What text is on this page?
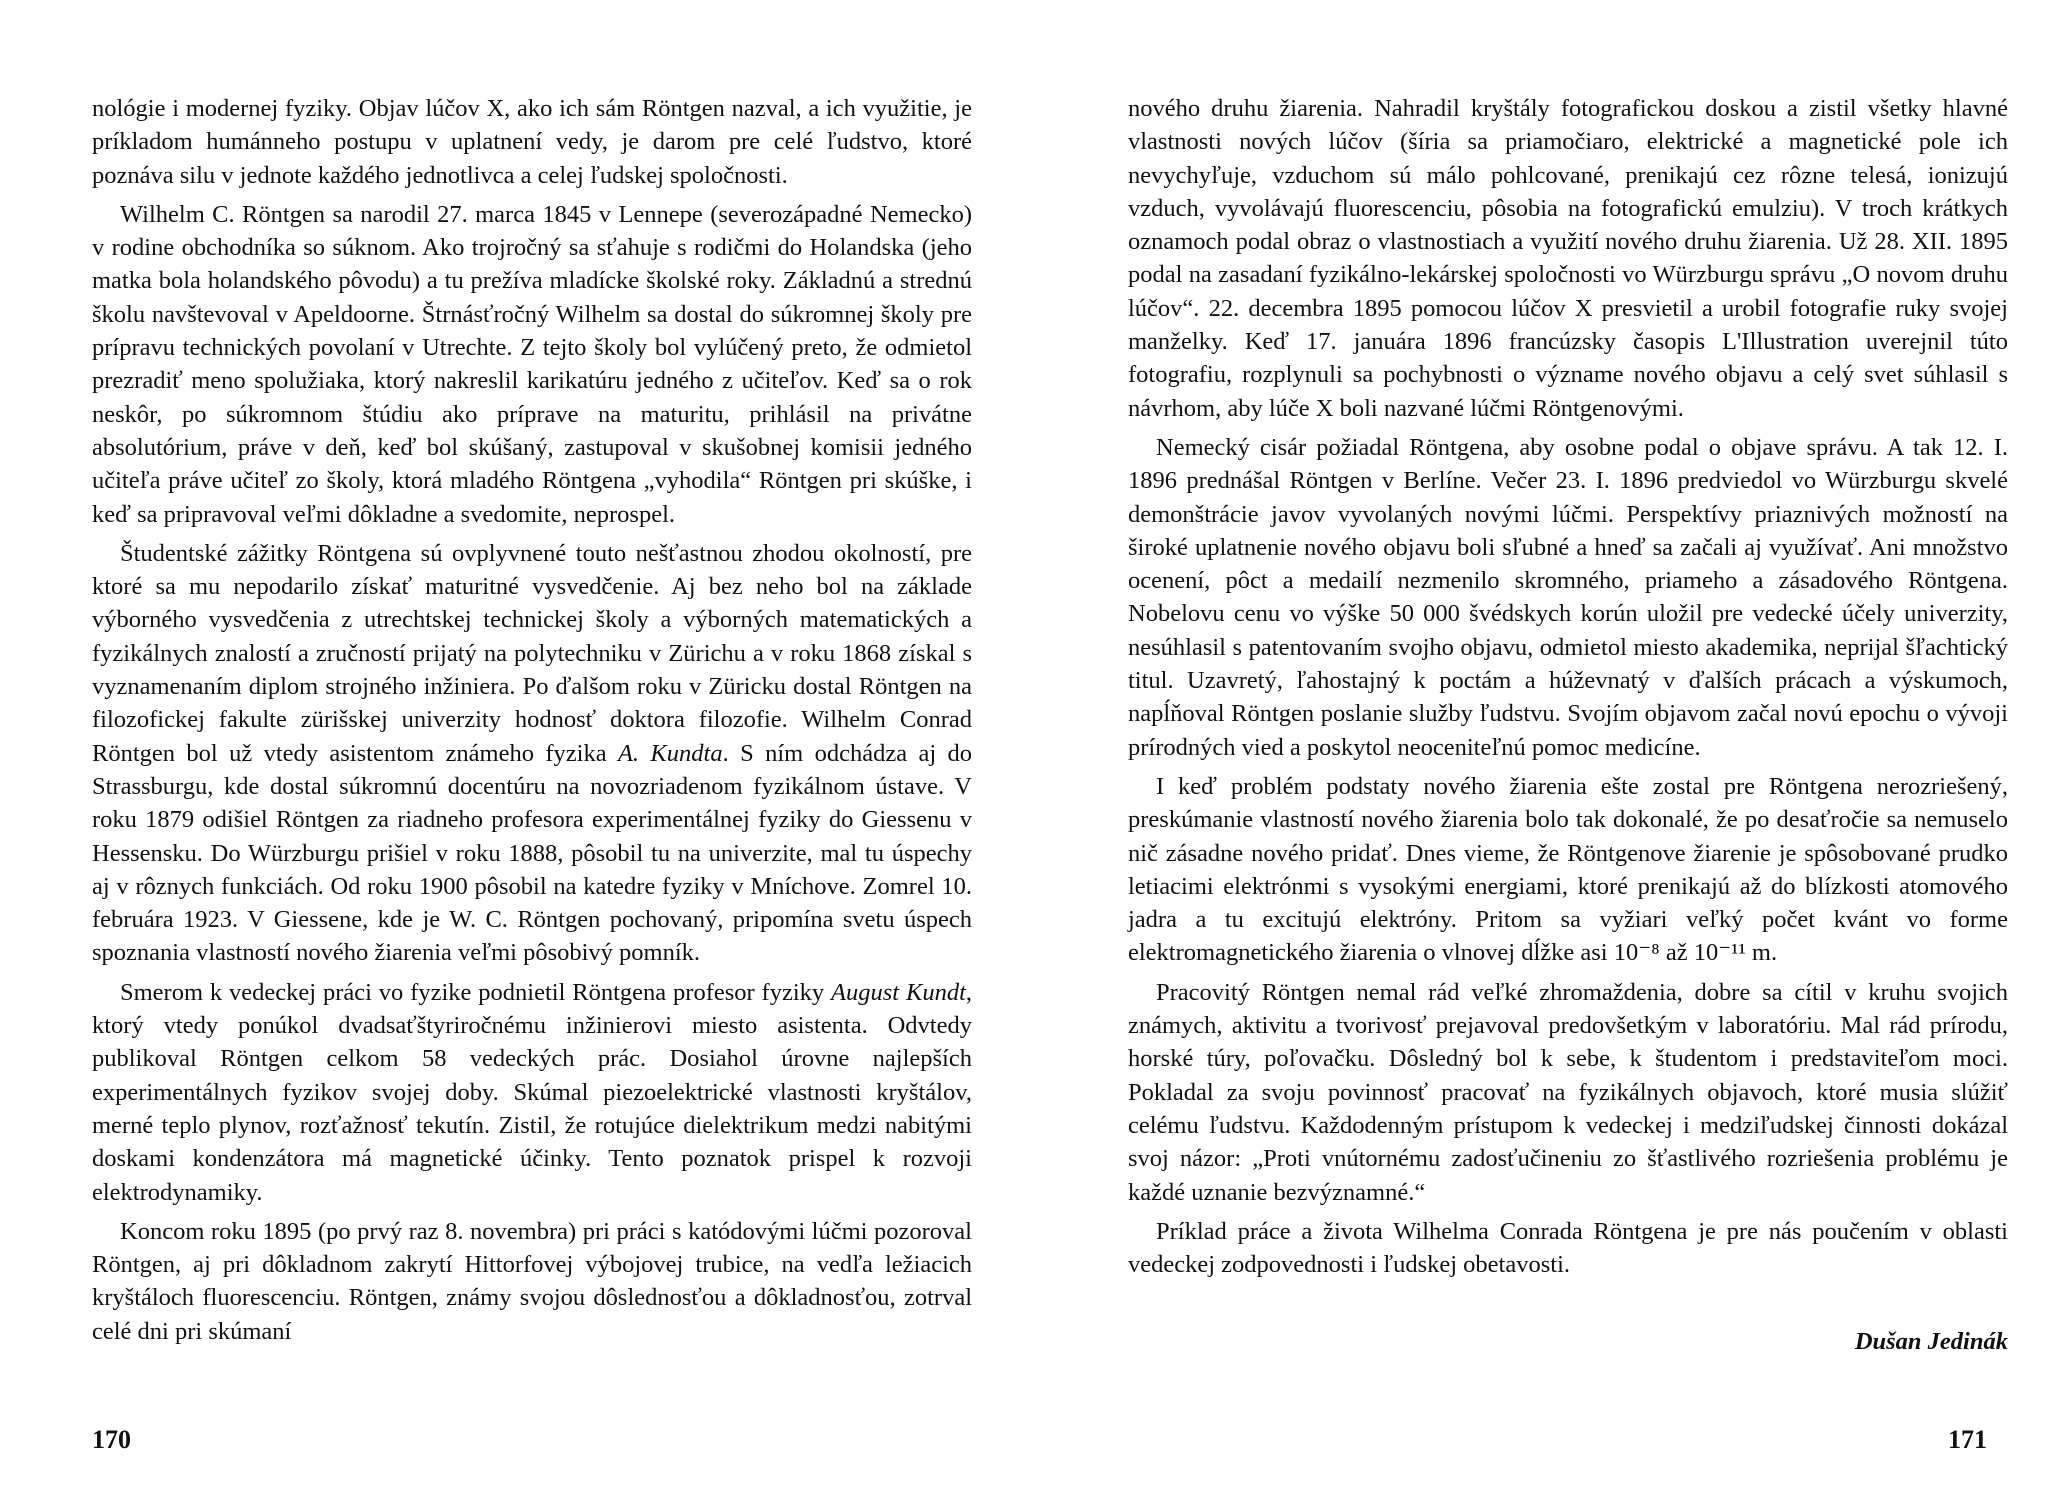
nológie i modernej fyziky. Objav lúčov X, ako ich sám Röntgen nazval, a ich využitie, je príkladom humánneho postupu v uplatnení vedy, je darom pre celé ľudstvo, ktoré poznáva silu v jednote každého jednotlivca a celej ľudskej spoločnosti.

Wilhelm C. Röntgen sa narodil 27. marca 1845 v Lennepe (severozápadné Nemecko) v rodine obchodníka so súknom. Ako trojročný sa sťahuje s rodičmi do Holandska (jeho matka bola holandského pôvodu) a tu prežíva mladícke školské roky. Základnú a strednú školu navštevoval v Apeldoorne. Štrnásťročný Wilhelm sa dostal do súkromnej školy pre prípravu technických povolaní v Utrechte. Z tejto školy bol vylúčený preto, že odmietol prezradiť meno spolužiaka, ktorý nakreslil karikatúru jedného z učiteľov. Keď sa o rok neskôr, po súkromnom štúdiu ako príprave na maturitu, prihlásil na privátne absolutórium, práve v deň, keď bol skúšaný, zastupoval v skušobnej komisii jedného učiteľa práve učiteľ zo školy, ktorá mladého Röntgena „vyhodila“ Röntgen pri skúške, i keď sa pripravoval veľmi dôkladne a svedomite, neprospel.

Študentské zážitky Röntgena sú ovplyvnené touto nešťastnou zhodou okolností, pre ktoré sa mu nepodarilo získať maturitné vysvedčenie. Aj bez neho bol na základe výborného vysvedčenia z utrechtskej technickej školy a výborných matematických a fyzikálnych znalostí a zručností prijatý na polytechniku v Zürichu a v roku 1868 získal s vyznamenaním diplom strojného inžiniera. Po ďalšom roku v Züricku dostal Röntgen na filozofickej fakulte zürišskej univerzity hodnosť doktora filozofie. Wilhelm Conrad Röntgen bol už vtedy asistentom známeho fyzika A. Kundta. S ním odchádza aj do Strassburgu, kde dostal súkromnú docentúru na novozriadenom fyzikálnom ústave. V roku 1879 odišiel Röntgen za riadneho profesora experimentálnej fyziky do Giessenu v Hessensku. Do Würzburgu prišiel v roku 1888, pôsobil tu na univerzite, mal tu úspechy aj v rôznych funkciách. Od roku 1900 pôsobil na katedre fyziky v Mníchove. Zomrel 10. februára 1923. V Giessene, kde je W. C. Röntgen pochovaný, pripomína svetu úspech spoznania vlastností nového žiarenia veľmi pôsobivý pomník.

Smerom k vedeckej práci vo fyzike podnietil Röntgena profesor fyziky August Kundt, ktorý vtedy ponúkol dvadsaťštyriročnému inžinierovi miesto asistenta. Odvtedy publikoval Röntgen celkom 58 vedeckých prác. Dosiahol úrovne najlepších experimentálnych fyzikov svojej doby. Skúmal piezoelektrické vlastnosti kryštálov, merné teplo plynov, rozťažnosť tekutín. Zistil, že rotujúce dielektrikum medzi nabitými doskami kondenzátora má magnetické účinky. Tento poznatok prispel k rozvoji elektrodynamiky.

Koncom roku 1895 (po prvý raz 8. novembra) pri práci s katódovými lúčmi pozoroval Röntgen, aj pri dôkladnom zakrytí Hittorfovej výbojovej trubice, na vedľa ležiacich kryštáloch fluorescenciu. Röntgen, známy svojou dôslednosťou a dôkladnosťou, zotrval celé dni pri skúmaní

170

nového druhu žiarenia. Nahradil kryštály fotografickou doskou a zistil všetky hlavné vlastnosti nových lúčov (šíria sa priamočiaro, elektrické a magnetické pole ich nevychyľuje, vzduchom sú málo pohlcované, prenikajú cez rôzne telesá, ionizujú vzduch, vyvolávajú fluorescenciu, pôsobia na fotografickú emulziu). V troch krátkych oznamoch podal obraz o vlastnostiach a využití nového druhu žiarenia. Už 28. XII. 1895 podal na zasadaní fyzikálno-lekárskej spoločnosti vo Würzburgu správu „O novom druhu lúčov“. 22. decembra 1895 pomocou lúčov X presvietil a urobil fotografie ruky svojej manželky. Keď 17. januára 1896 francúzsky časopis L'Illustration uverejnil túto fotografiu, rozplynuli sa pochybnosti o význame nového objavu a celý svet súhlasil s návrhom, aby lúče X boli nazvané lúčmi Röntgenovými.

Nemecký cisár požiadal Röntgena, aby osobne podal o objave správu. A tak 12. I. 1896 prednášal Röntgen v Berlíne. Večer 23. I. 1896 predviedol vo Würzburgu skvelé demonštrácie javov vyvolaných novými lúčmi. Perspektívy priaznivých možností na široké uplatnenie nového objavu boli sľubné a hneď sa začali aj využívať. Ani množstvo ocenení, pôct a medailí nezmenilo skromného, priameho a zásadového Röntgena. Nobelovu cenu vo výške 50 000 švédskych korún uložil pre vedecké účely univerzity, nesúhlasil s patentovaním svojho objavu, odmietol miesto akademika, neprijal šľachtický titul. Uzavretý, ľahostajný k poctám a húževnatý v ďalších prácach a výskumoch, napĺňoval Röntgen poslanie služby ľudstvu. Svojím objavom začal novú epochu o vývoji prírodných vied a poskytol neoceniteľnú pomoc medicíne.

I keď problém podstaty nového žiarenia ešte zostal pre Röntgena nerozriešený, preskúmanie vlastností nového žiarenia bolo tak dokonalé, že po desaťročie sa nemuselo nič zásadne nového pridať. Dnes vieme, že Röntgenove žiarenie je spôsobované prudko letiacimi elektrónmi s vysokými energiami, ktoré prenikajú až do blízkosti atomového jadra a tu excitujú elektróny. Pritom sa vyžiari veľký počet kvánt vo forme elektromagnetického žiarenia o vlnovej dĺžke asi 10⁻⁸ až 10⁻¹¹ m.

Pracovitý Röntgen nemal rád veľké zhromaždenia, dobre sa cítil v kruhu svojich známych, aktivitu a tvorivosť prejavoval predovšetkým v laboratóriu. Mal rád prírodu, horské túry, poľovačku. Dôsledný bol k sebe, k študentom i predstaviteľom moci. Pokladal za svoju povinnosť pracovať na fyzikálnych objavoch, ktoré musia slúžiť celému ľudstvu. Každodenným prístupom k vedeckej i medziľudskej činnosti dokázal svoj názor: „Proti vnútornému zadosťučineniu zo šťastlivého rozriešenia problému je každé uznanie bezvýznamné.“

Príklad práce a života Wilhelma Conrada Röntgena je pre nás poučením v oblasti vedeckej zodpovednosti i ľudskej obetavosti.

Dušan Jedinák

171
